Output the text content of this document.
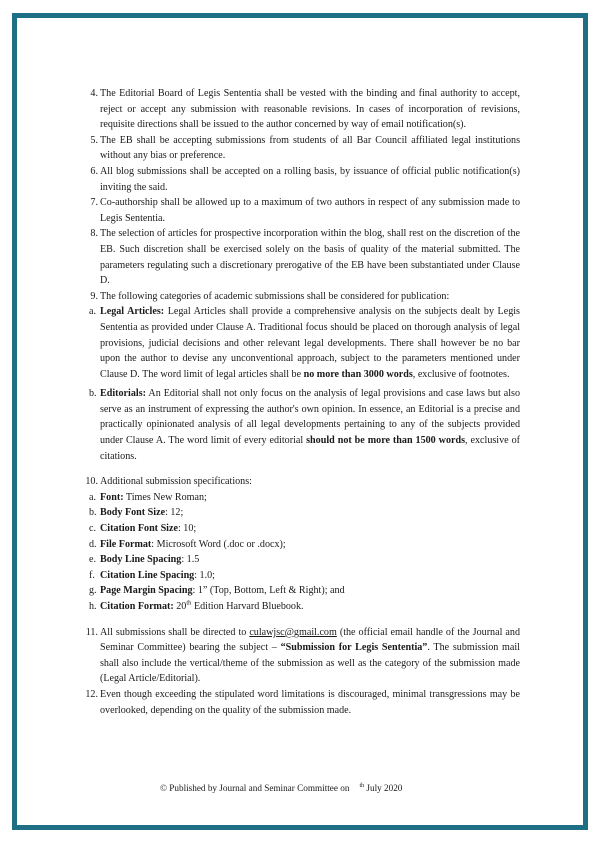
4. The Editorial Board of Legis Sententia shall be vested with the binding and final authority to accept, reject or accept any submission with reasonable revisions. In cases of incorporation of revisions, requisite directions shall be issued to the author concerned by way of email notification(s).

5. The EB shall be accepting submissions from students of all Bar Council affiliated legal institutions without any bias or preference.

6. All blog submissions shall be accepted on a rolling basis, by issuance of official public notification(s) inviting the said.

7. Co-authorship shall be allowed up to a maximum of two authors in respect of any submission made to Legis Sententia.

8. The selection of articles for prospective incorporation within the blog, shall rest on the discretion of the EB. Such discretion shall be exercised solely on the basis of quality of the material submitted. The parameters regulating such a discretionary prerogative of the EB have been substantiated under Clause D.

9. The following categories of academic submissions shall be considered for publication:

a. Legal Articles: Legal Articles shall provide a comprehensive analysis on the subjects dealt by Legis Sententia as provided under Clause A. Traditional focus should be placed on thorough analysis of legal provisions, judicial decisions and other relevant legal developments. There shall however be no bar upon the author to devise any unconventional approach, subject to the parameters mentioned under Clause D. The word limit of legal articles shall be no more than 3000 words, exclusive of footnotes.

b. Editorials: An Editorial shall not only focus on the analysis of legal provisions and case laws but also serve as an instrument of expressing the author's own opinion. In essence, an Editorial is a precise and practically opinionated analysis of all legal developments pertaining to any of the subjects provided under Clause A. The word limit of every editorial should not be more than 1500 words, exclusive of citations.

10. Additional submission specifications:

a. Font: Times New Roman;

b. Body Font Size: 12;

c. Citation Font Size: 10;

d. File Format: Microsoft Word (.doc or .docx);

e. Body Line Spacing: 1.5

f. Citation Line Spacing: 1.0;

g. Page Margin Spacing: 1” (Top, Bottom, Left & Right); and

h. Citation Format: 20th Edition Harvard Bluebook.

11. All submissions shall be directed to culawjsc@gmail.com (the official email handle of the Journal and Seminar Committee) bearing the subject – “Submission for Legis Sententia”. The submission mail shall also include the vertical/theme of the submission as well as the category of the submission made (Legal Article/Editorial).

12. Even though exceeding the stipulated word limitations is discouraged, minimal transgressions may be overlooked, depending on the quality of the submission made.

© Published by Journal and Seminar Committee on $^{th}$ July 2020
